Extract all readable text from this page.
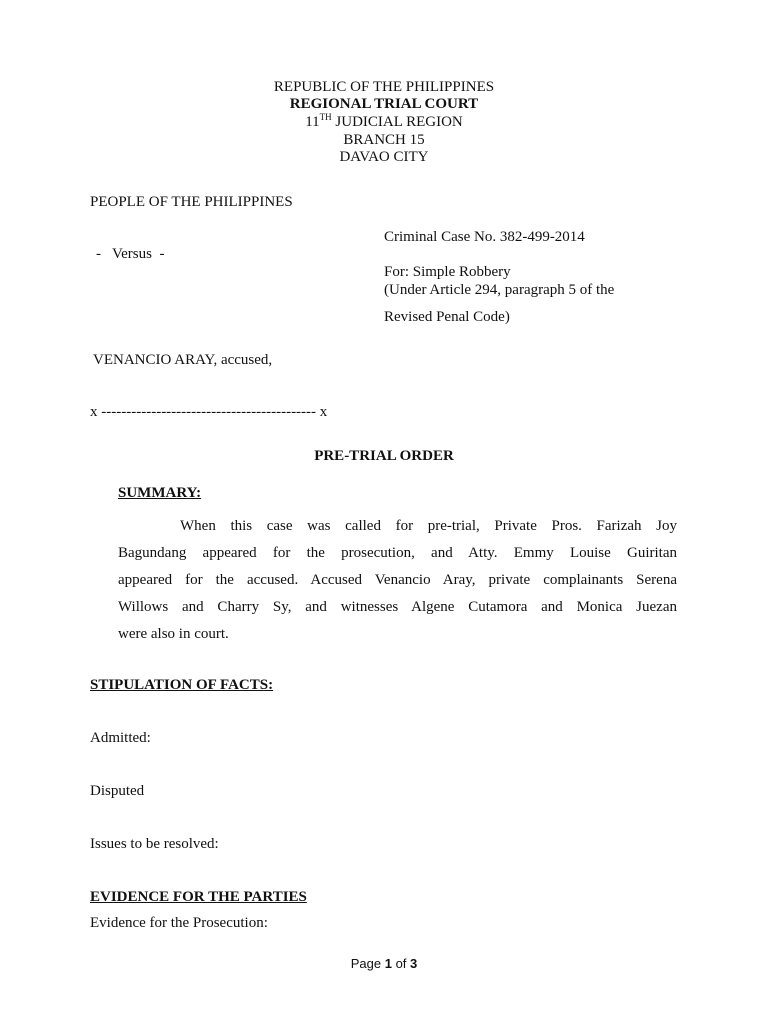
REPUBLIC OF THE PHILIPPINES
REGIONAL TRIAL COURT
11TH JUDICIAL REGION
BRANCH 15
DAVAO CITY
PEOPLE OF THE PHILIPPINES
Criminal Case No. 382-499-2014
-   Versus  -
For: Simple Robbery
(Under Article 294, paragraph 5 of the
Revised Penal Code)
VENANCIO ARAY, accused,
x ------------------------------------------- x
PRE-TRIAL ORDER
SUMMARY:
When this case was called for pre-trial, Private Pros. Farizah Joy
Bagundang appeared for the prosecution, and Atty. Emmy Louise Guiritan
appeared for the accused. Accused Venancio Aray, private complainants Serena
Willows and Charry Sy, and witnesses Algene Cutamora and Monica Juezan
were also in court.
STIPULATION OF FACTS:
Admitted:
Disputed
Issues to be resolved:
EVIDENCE FOR THE PARTIES
Evidence for the Prosecution:
Page 1 of 3
